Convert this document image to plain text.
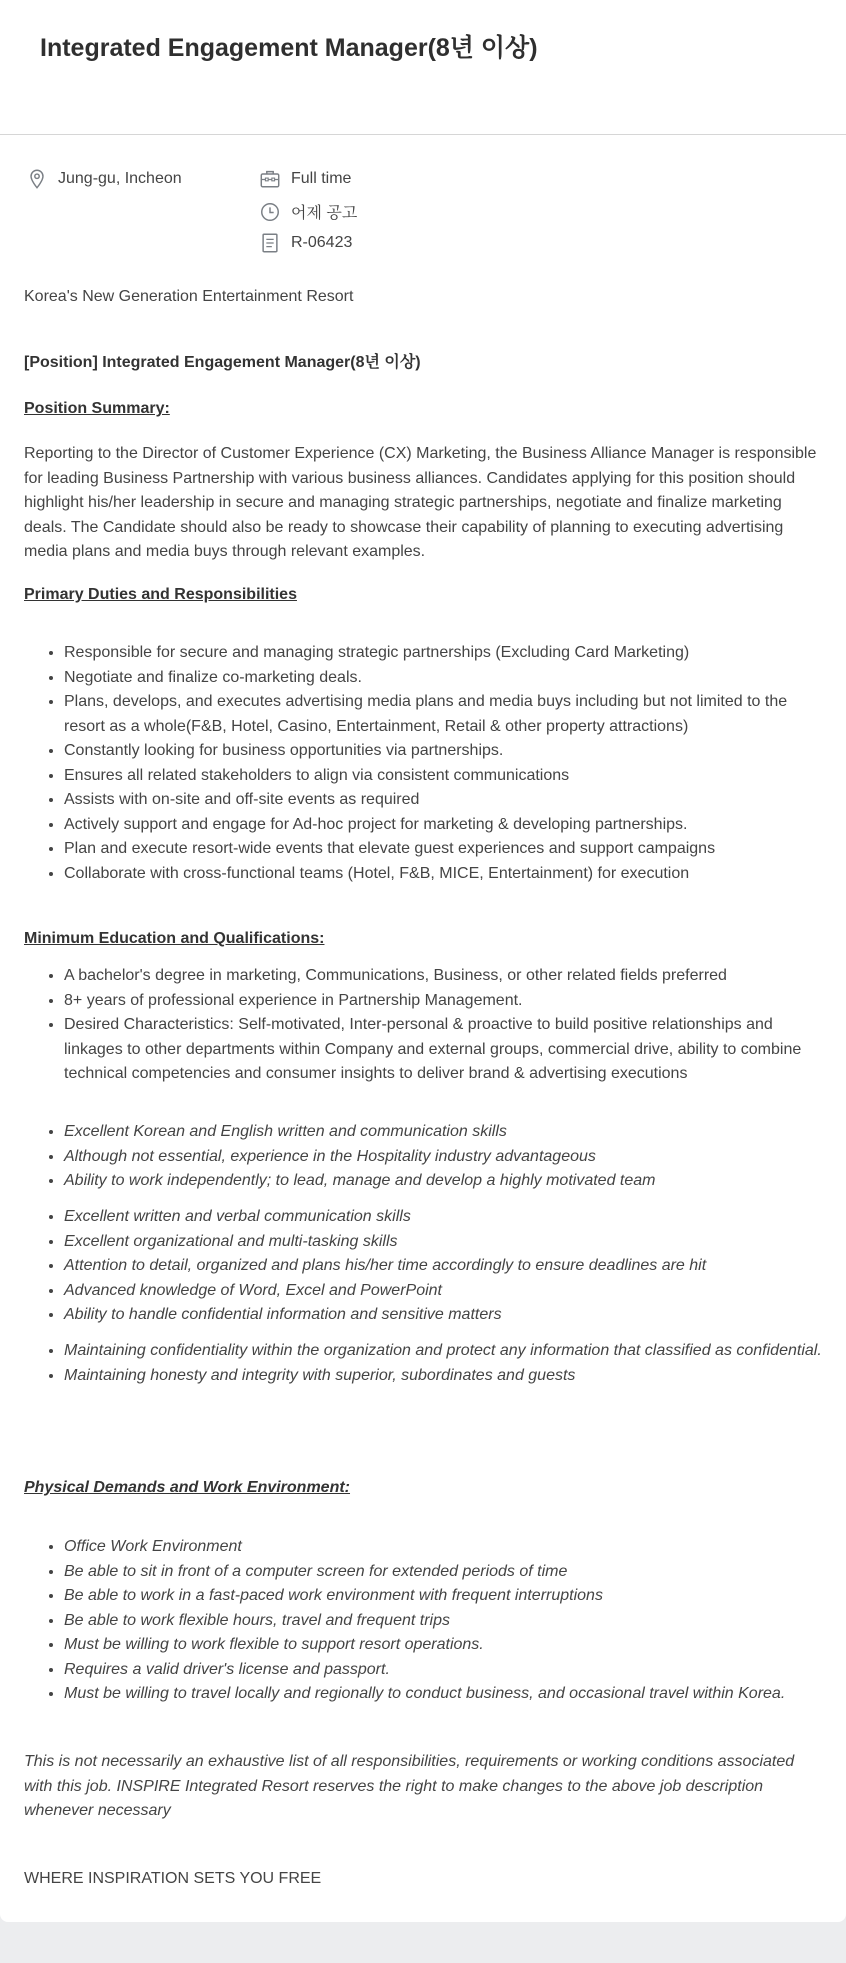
Integrated Engagement Manager(8년 이상)
Jung-gu, Incheon	Full time
어제 공고
R-06423

Korea's New Generation Entertainment Resort

[Position] Integrated Engagement Manager(8년 이상)

Position Summary:

Reporting to the Director of Customer Experience (CX) Marketing, the Business Alliance Manager is responsible for leading Business Partnership with various business alliances. Candidates applying for this position should highlight his/her leadership in secure and managing strategic partnerships, negotiate and finalize marketing deals. The Candidate should also be ready to showcase their capability of planning to executing advertising media plans and media buys through relevant examples.

Primary Duties and Responsibilities

• Responsible for secure and managing strategic partnerships (Excluding Card Marketing)
• Negotiate and finalize co-marketing deals.
• Plans, develops, and executes advertising media plans and media buys including but not limited to the resort as a whole(F&B, Hotel, Casino, Entertainment, Retail & other property attractions)
• Constantly looking for business opportunities via partnerships.
• Ensures all related stakeholders to align via consistent communications
• Assists with on-site and off-site events as required
• Actively support and engage for Ad-hoc project for marketing & developing partnerships.
• Plan and execute resort-wide events that elevate guest experiences and support campaigns
• Collaborate with cross-functional teams (Hotel, F&B, MICE, Entertainment) for execution

Minimum Education and Qualifications:

• A bachelor's degree in marketing, Communications, Business, or other related fields preferred
• 8+ years of professional experience in Partnership Management.
• Desired Characteristics: Self-motivated, Inter-personal & proactive to build positive relationships and linkages to other departments within Company and external groups, commercial drive, ability to combine technical competencies and consumer insights to deliver brand & advertising executions
• Excellent Korean and English written and communication skills
• Although not essential, experience in the Hospitality industry advantageous
• Ability to work independently; to lead, manage and develop a highly motivated team
• Excellent written and verbal communication skills
• Excellent organizational and multi-tasking skills
• Attention to detail, organized and plans his/her time accordingly to ensure deadlines are hit
• Advanced knowledge of Word, Excel and PowerPoint
• Ability to handle confidential information and sensitive matters
• Maintaining confidentiality within the organization and protect any information that classified as confidential.
• Maintaining honesty and integrity with superior, subordinates and guests

Physical Demands and Work Environment:

• Office Work Environment
• Be able to sit in front of a computer screen for extended periods of time
• Be able to work in a fast-paced work environment with frequent interruptions
• Be able to work flexible hours, travel and frequent trips
• Must be willing to work flexible to support resort operations.
• Requires a valid driver's license and passport.
• Must be willing to travel locally and regionally to conduct business, and occasional travel within Korea.

This is not necessarily an exhaustive list of all responsibilities, requirements or working conditions associated with this job. INSPIRE Integrated Resort reserves the right to make changes to the above job description whenever necessary

WHERE INSPIRATION SETS YOU FREE
